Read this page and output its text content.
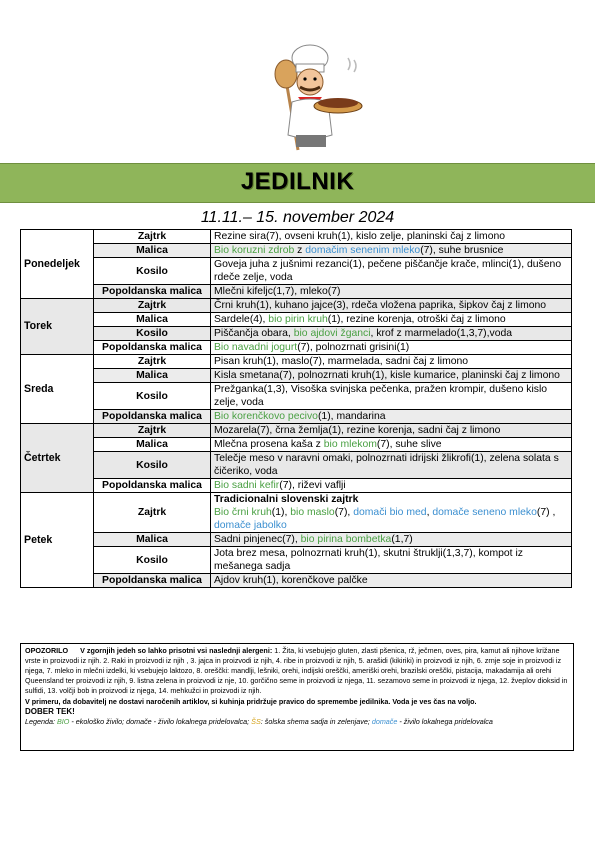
JEDILNIK
11.11.– 15. november 2024
Ponedeljek	Zajtrk	Rezine sira(7), ovseni kruh(1), kislo zelje, planinski čaj z limono
	Malica	Bio koruzni zdrob z domačim senenim mleko(7), suhe brusnice
	Kosilo	Goveja juha z jušnimi rezanci(1), pečene piščančje krače, mlinci(1), dušeno rdeče zelje, voda
	Popoldanska malica	Mlečni kifeljc(1,7), mleko(7)
Torek	Zajtrk	Črni kruh(1), kuhano jajce(3), rdeča vložena paprika, šipkov čaj z limono
	Malica	Sardele(4), bio pirin kruh(1), rezine korenja, otroški čaj z limono
	Kosilo	Piščančja obara, bio ajdovi žganci, krof z marmelado(1,3,7),voda
	Popoldanska malica	Bio navadni jogurt(7), polnozrnati grisini(1)
Sreda	Zajtrk	Pisan kruh(1), maslo(7), marmelada, sadni čaj z limono
	Malica	Kisla smetana(7), polnozrnati kruh(1), kisle kumarice, planinski čaj z limono
	Kosilo	Prežganka(1,3), Visoška svinjska pečenka, pražen krompir, dušeno kislo zelje, voda
	Popoldanska malica	Bio korenčkovo pecivo(1), mandarina
Četrtek	Zajtrk	Mozarela(7), črna žemlja(1), rezine korenja, sadni čaj z limono
	Malica	Mlečna prosena kaša z bio mlekom(7), suhe slive
	Kosilo	Telečje meso v naravni omaki, polnozrnati idrijski žlikrofi(1), zelena solata s čičeriko, voda
	Popoldanska malica	Bio sadni kefir(7), riževi vaflji
Petek	Zajtrk	Tradicionalni slovenski zajtrk
Bio črni kruh(1), bio maslo(7), domači bio med, domače seneno mleko(7) , domače jabolko
	Malica	Sadni pinjenec(7), bio pirina bombetka(1,7)
	Kosilo	Jota brez mesa, polnozrnati kruh(1), skutni štruklji(1,3,7), kompot iz mešanega sadja
	Popoldanska malica	Ajdov kruh(1), korenčkove palčke
OPOZORILO V zgornjih jedeh so lahko prisotni vsi naslednji alergeni: 1. Žita, ki vsebujejo gluten, zlasti pšenica, rž, ječmen, oves, pira, kamut ali njihove križane vrste in proizvodi iz njih. 2. Raki in proizvodi iz njih , 3. jajca in proizvodi iz njih, 4. ribe in proizvodi iz njih, 5. arašidi (kikiriki) in proizvodi iz njih, 6. zrnje soje in proizvodi iz njega, 7. mleko in mlečni izdelki, ki vsebujejo laktozo, 8. oreščki: mandlji, lešniki, orehi, indijski oreščki, ameriški orehi, brazilski oreščki, pistacija, makadamija ali orehi Queensland ter proizvodi iz njih, 9. listna zelena in proizvodi iz nje, 10. gorčično seme in proizvodi iz njega, 11. sezamovo seme in proizvodi iz njega, 12. žveplov dioksid in sulfidi, 13. volčji bob in proizvodi iz njega, 14. mehkužci in proizvodi iz njih.
V primeru, da dobavitelj ne dostavi naročenih artiklov, si kuhinja pridržuje pravico do spremembe jedilnika. Voda je ves čas na voljo.
DOBER TEK!
Legenda: BIO - ekološko živilo; domače - živilo lokalnega pridelovalca; ŠS: šolska shema sadja in zelenjave; domače - živilo lokalnega pridelovalca
